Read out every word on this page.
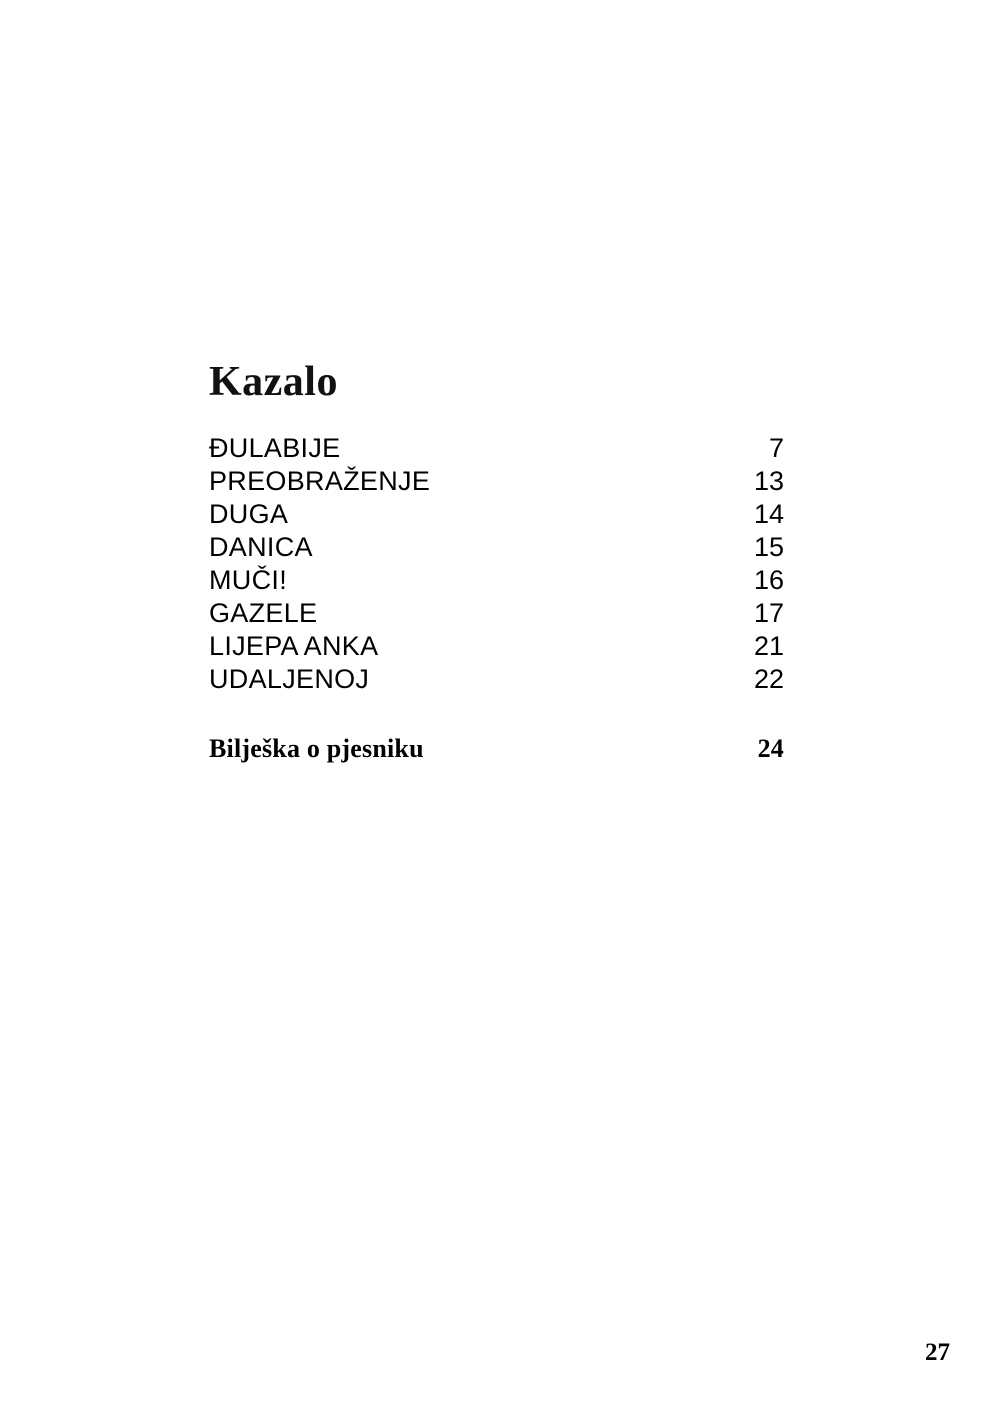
Kazalo
ĐULABIJE	7
PREOBRAŽENJE	13
DUGA	14
DANICA	15
MUČI!	16
GAZELE	17
LIJEPA ANKA	21
UDALJENOJ	22
Bilješka o pjesniku	24
27
